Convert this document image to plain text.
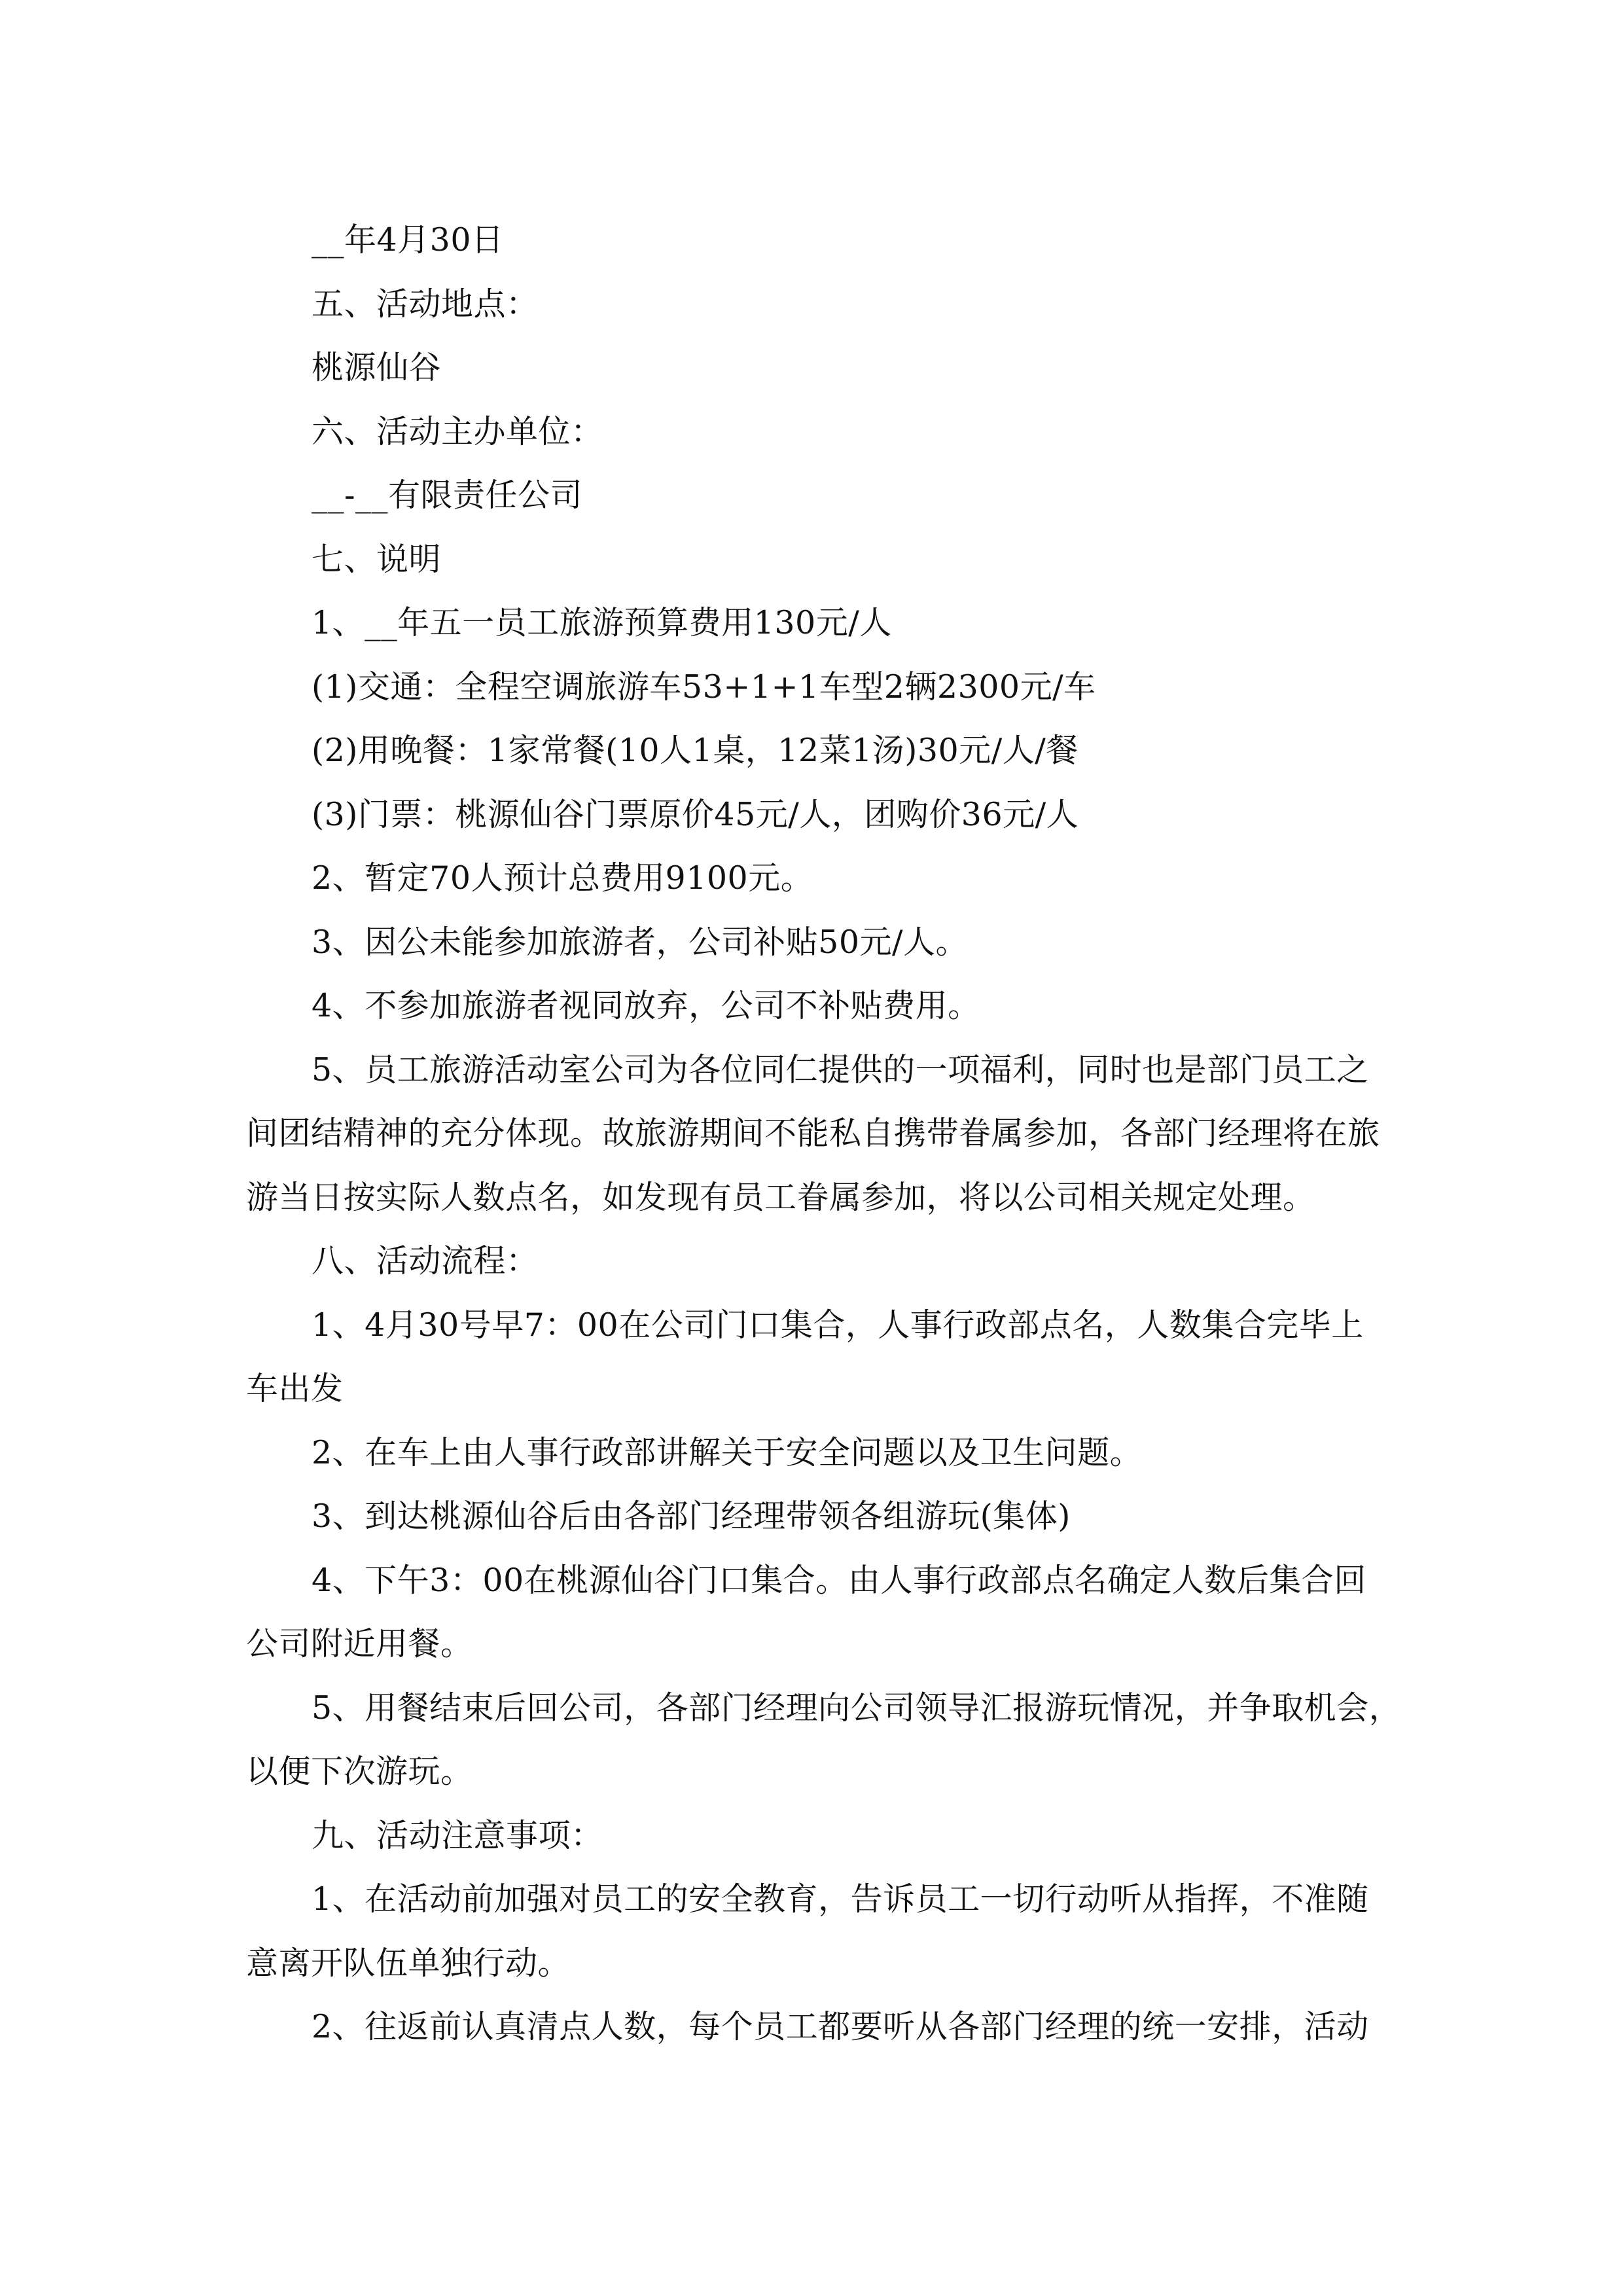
__年4月30日
五、活动地点：
桃源仙谷
六、活动主办单位：
__-__有限责任公司
七、说明
1、__年五一员工旅游预算费用130元/人
(1)交通：全程空调旅游车53+1+1车型2辆2300元/车
(2)用晚餐：1家常餐(10人1桌，12菜1汤)30元/人/餐
(3)门票：桃源仙谷门票原价45元/人，团购价36元/人
2、暂定70人预计总费用9100元。
3、因公未能参加旅游者，公司补贴50元/人。
4、不参加旅游者视同放弃，公司不补贴费用。
5、员工旅游活动室公司为各位同仁提供的一项福利，同时也是部门员工之
间团结精神的充分体现。故旅游期间不能私自携带眷属参加，各部门经理将在旅
游当日按实际人数点名，如发现有员工眷属参加，将以公司相关规定处理。
八、活动流程：
1、4月30号早7：00在公司门口集合，人事行政部点名，人数集合完毕上
车出发
2、在车上由人事行政部讲解关于安全问题以及卫生问题。
3、到达桃源仙谷后由各部门经理带领各组游玩(集体)
4、下午3：00在桃源仙谷门口集合。由人事行政部点名确定人数后集合回
公司附近用餐。
5、用餐结束后回公司，各部门经理向公司领导汇报游玩情况，并争取机会，
以便下次游玩。
九、活动注意事项：
1、在活动前加强对员工的安全教育，告诉员工一切行动听从指挥，不准随
意离开队伍单独行动。
2、往返前认真清点人数，每个员工都要听从各部门经理的统一安排，活动
